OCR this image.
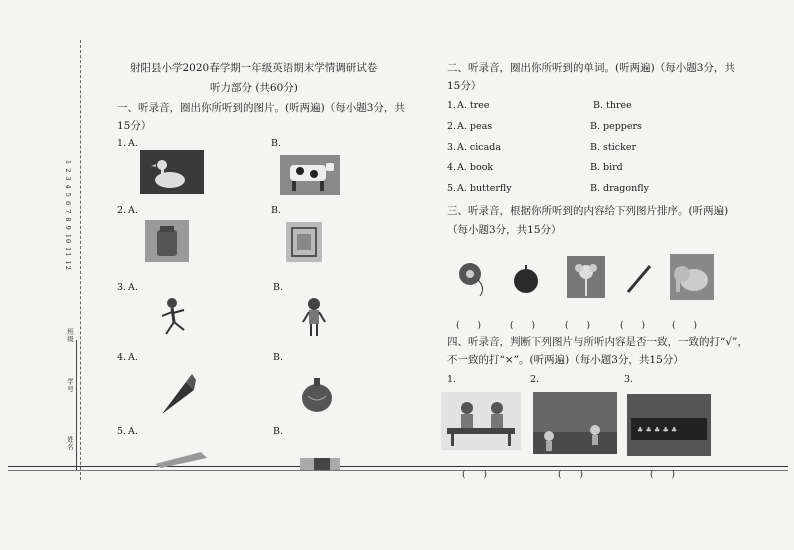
1 2 3 4 5 6 7 8 9 10 11 12
班级
学号
姓名
射阳县小学2020春学期一年级英语期末学情调研试卷
听力部分 (共60分)
一、听录音，圈出你所听到的图片。(听两遍)（每小题3分，共
15分）
1. A.	B.
2. A.	B.
3. A.	B.
4. A.	B.
5. A.	B.
二、听录音，圈出你所听到的单词。(听两遍)（每小题3分，共
15分）
1. A. tree	B. three
2. A. peas	B. peppers
3. A. cicada	B. sticker
4. A. book	B. bird
5. A. butterfly	B. dragonfly
三、听录音，根据你所听到的内容给下列图片排序。(听两遍)
（每小题3分，共15分）
(　　)	(　　)	(　　)	(　　)	(　　)
四、听录音，判断下列图片与所听内容是否一致，一致的打“√”，
不一致的打“×”。(听两遍)（每小题3分，共15分）
1.	2.	3.
♣ ♣ ♣ ♣ ♣
(　　)	(　　)	(　　)
